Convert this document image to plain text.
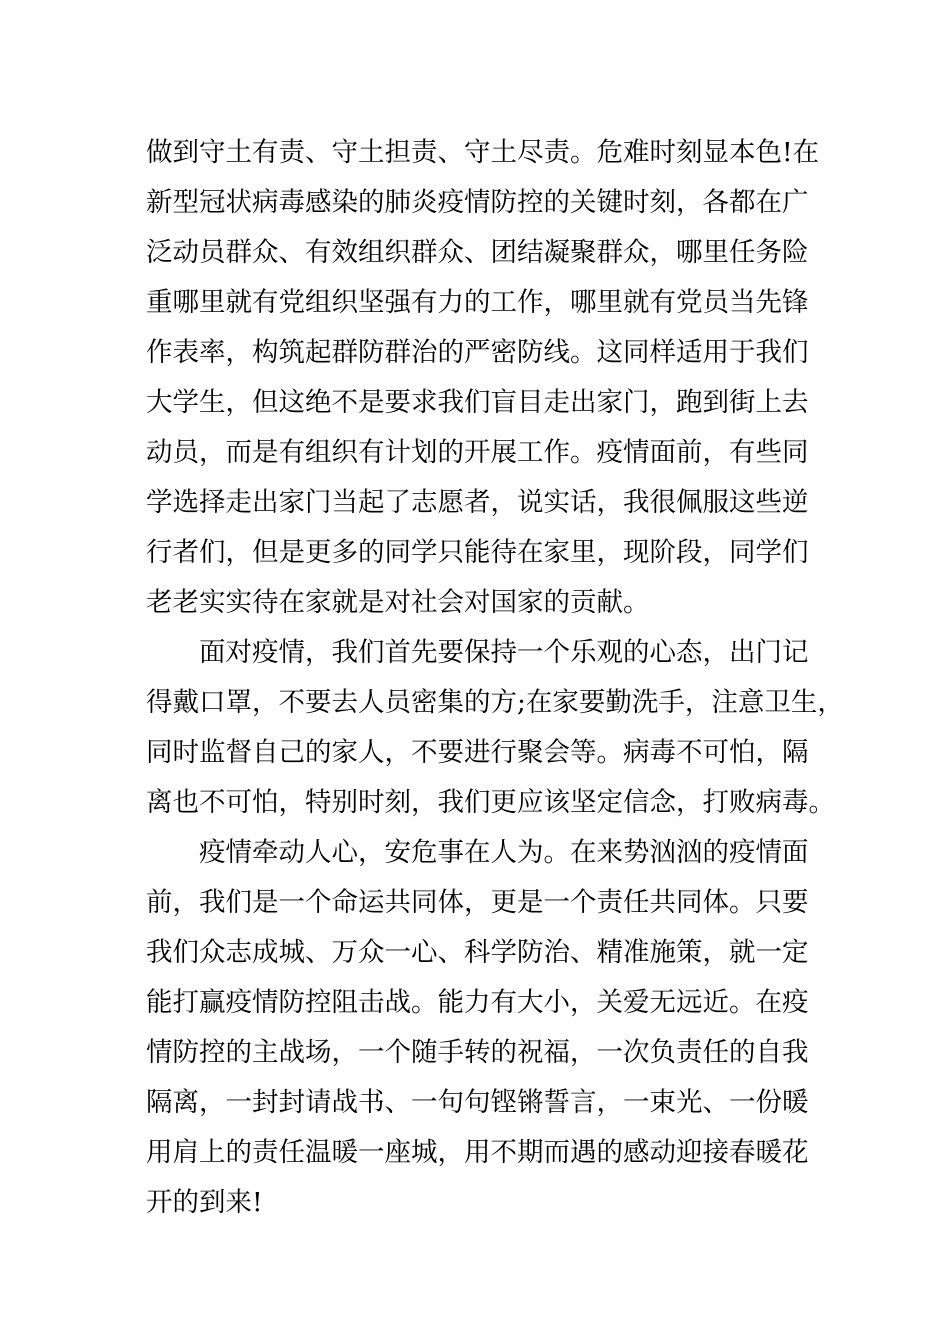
做到守土有责、守土担责、守土尽责。危难时刻显本色!在
新型冠状病毒感染的肺炎疫情防控的关键时刻，各都在广
泛动员群众、有效组织群众、团结凝聚群众，哪里任务险
重哪里就有党组织坚强有力的工作，哪里就有党员当先锋
作表率，构筑起群防群治的严密防线。这同样适用于我们
大学生，但这绝不是要求我们盲目走出家门，跑到街上去
动员，而是有组织有计划的开展工作。疫情面前，有些同
学选择走出家门当起了志愿者，说实话，我很佩服这些逆
行者们，但是更多的同学只能待在家里，现阶段，同学们
老老实实待在家就是对社会对国家的贡献。
面对疫情，我们首先要保持一个乐观的心态，出门记
得戴口罩，不要去人员密集的方;在家要勤洗手，注意卫生，
同时监督自己的家人，不要进行聚会等。病毒不可怕，隔
离也不可怕，特别时刻，我们更应该坚定信念，打败病毒。
疫情牵动人心，安危事在人为。在来势汹汹的疫情面
前，我们是一个命运共同体，更是一个责任共同体。只要
我们众志成城、万众一心、科学防治、精准施策，就一定
能打赢疫情防控阻击战。能力有大小，关爱无远近。在疫
情防控的主战场，一个随手转的祝福，一次负责任的自我
隔离，一封封请战书、一句句铿锵誓言，一束光、一份暖
用肩上的责任温暖一座城，用不期而遇的感动迎接春暖花
开的到来!
